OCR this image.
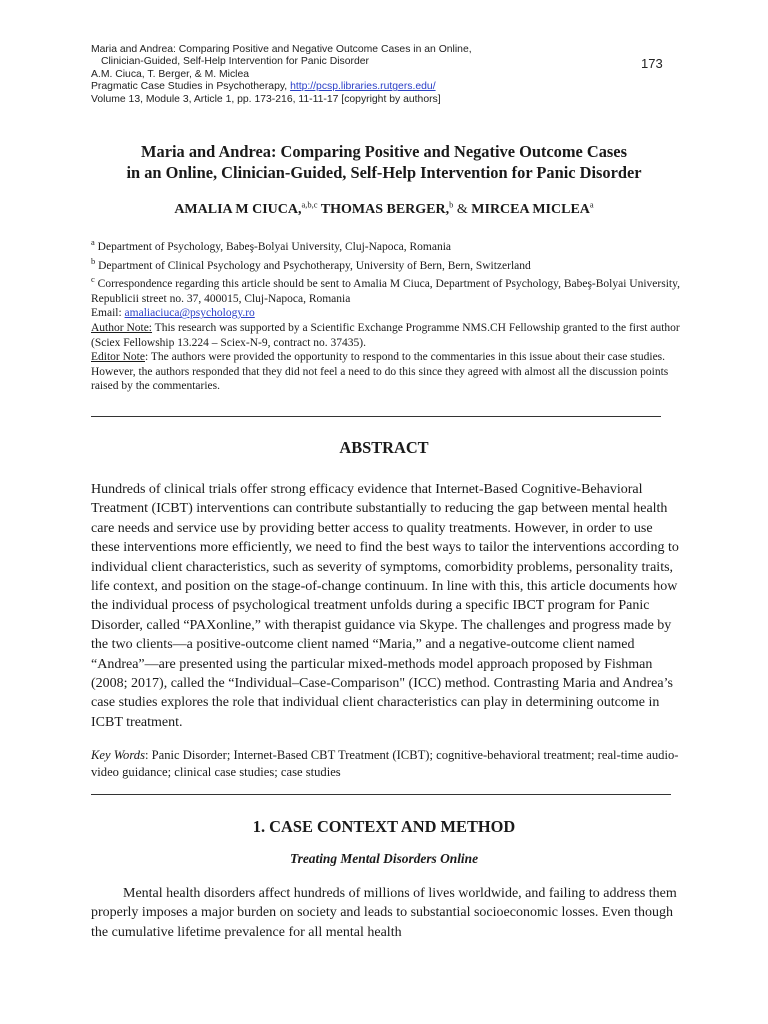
Maria and Andrea: Comparing Positive and Negative Outcome Cases in an Online,
Clinician-Guided, Self-Help Intervention for Panic Disorder
A.M. Ciuca, T. Berger, & M. Miclea
Pragmatic Case Studies in Psychotherapy, http://pcsp.libraries.rutgers.edu/
Volume 13, Module 3, Article 1, pp. 173-216, 11-11-17 [copyright by authors]
173
Maria and Andrea: Comparing Positive and Negative Outcome Cases
in an Online, Clinician-Guided, Self-Help Intervention for Panic Disorder
AMALIA M CIUCA,$^{a,b,c}$ THOMAS BERGER,$^b$ & MIRCEA MICLEA$^a$

$^a$ Department of Psychology, Babeş-Bolyai University, Cluj-Napoca, Romania

$^b$ Department of Clinical Psychology and Psychotherapy, University of Bern, Bern, Switzerland

$^c$ Correspondence regarding this article should be sent to Amalia M Ciuca, Department of Psychology, Babeş-Bolyai University, Republicii street no. 37, 400015, Cluj-Napoca, Romania

Email: amaliaciuca@psychology.ro

Author Note: This research was supported by a Scientific Exchange Programme NMS.CH Fellowship granted to the first author (Sciex Fellowship 13.224 – Sciex-N-9, contract no. 37435).

Editor Note: The authors were provided the opportunity to respond to the commentaries in this issue about their case studies. However, the authors responded that they did not feel a need to do this since they agreed with almost all the discussion points raised by the commentaries.

ABSTRACT

Hundreds of clinical trials offer strong efficacy evidence that Internet-Based Cognitive-Behavioral Treatment (ICBT) interventions can contribute substantially to reducing the gap between mental health care needs and service use by providing better access to quality treatments. However, in order to use these interventions more efficiently, we need to find the best ways to tailor the interventions according to individual client characteristics, such as severity of symptoms, comorbidity problems, personality traits, life context, and position on the stage-of-change continuum. In line with this, this article documents how the individual process of psychological treatment unfolds during a specific IBCT program for Panic Disorder, called “PAXonline,” with therapist guidance via Skype. The challenges and progress made by the two clients—a positive-outcome client named “Maria,” and a negative-outcome client named “Andrea”—are presented using the particular mixed-methods model approach proposed by Fishman (2008; 2017), called the “Individual–Case-Comparison" (ICC) method. Contrasting Maria and Andrea’s case studies explores the role that individual client characteristics can play in determining outcome in ICBT treatment.

Key Words: Panic Disorder; Internet-Based CBT Treatment (ICBT); cognitive-behavioral treatment; real-time audio-video guidance; clinical case studies; case studies

1. CASE CONTEXT AND METHOD
Treating Mental Disorders Online

Mental health disorders affect hundreds of millions of lives worldwide, and failing to address them properly imposes a major burden on society and leads to substantial socioeconomic losses. Even though the cumulative lifetime prevalence for all mental health
